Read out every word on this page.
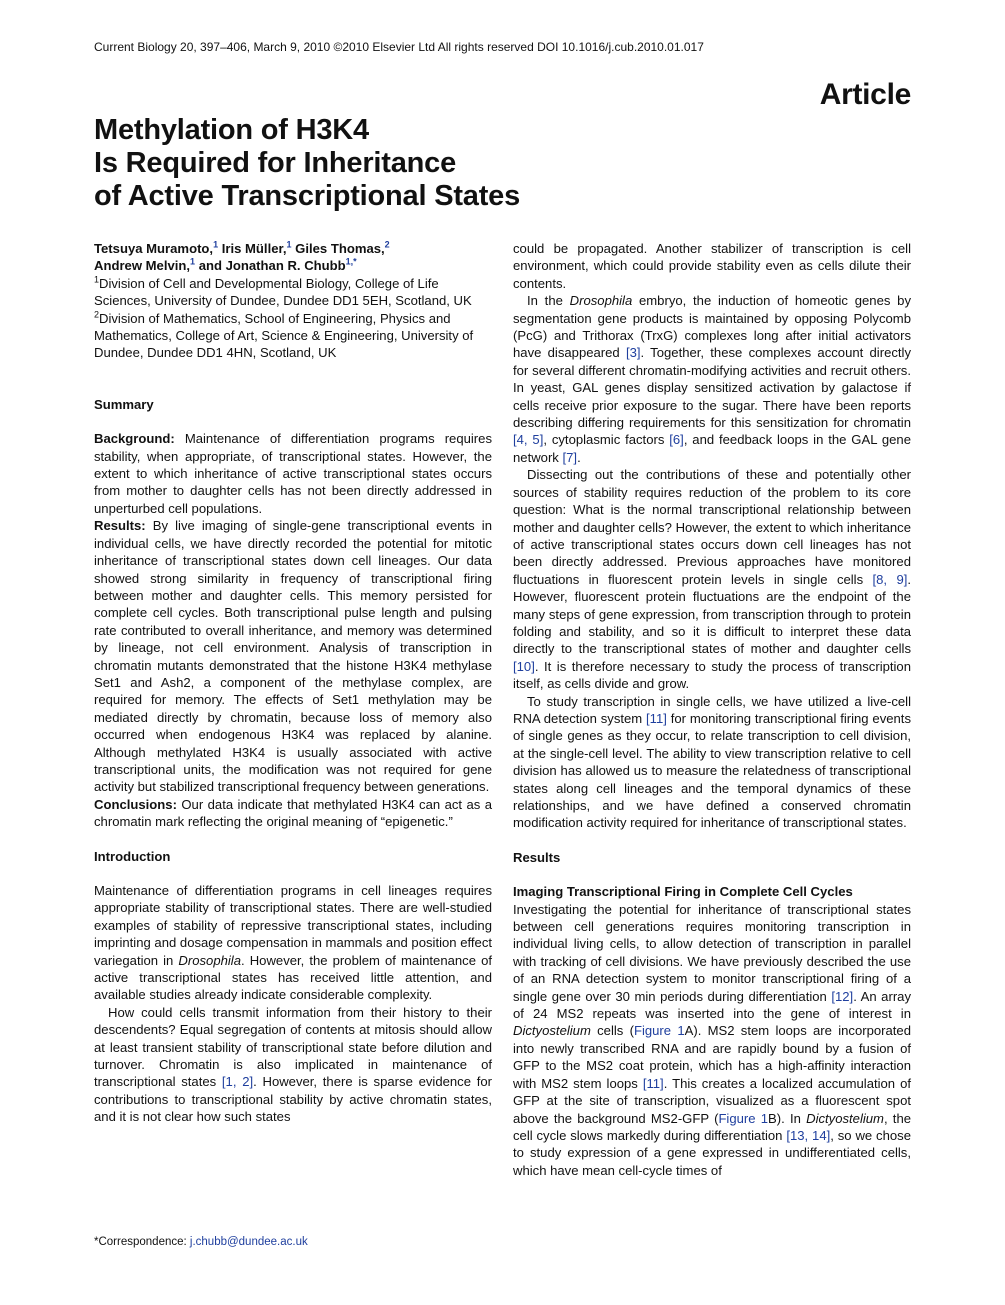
Current Biology 20, 397–406, March 9, 2010 ©2010 Elsevier Ltd All rights reserved DOI 10.1016/j.cub.2010.01.017
Article
Methylation of H3K4
Is Required for Inheritance
of Active Transcriptional States

Tetsuya Muramoto,$^1$ Iris Müller,$^1$ Giles Thomas,$^2$
Andrew Melvin,$^1$ and Jonathan R. Chubb$^{1,*}$

$^1$Division of Cell and Developmental Biology, College of Life Sciences, University of Dundee, Dundee DD1 5EH, Scotland, UK

$^2$Division of Mathematics, School of Engineering, Physics and Mathematics, College of Art, Science & Engineering, University of Dundee, Dundee DD1 4HN, Scotland, UK

Summary

Background: Maintenance of differentiation programs requires stability, when appropriate, of transcriptional states. However, the extent to which inheritance of active transcriptional states occurs from mother to daughter cells has not been directly addressed in unperturbed cell populations.

Results: By live imaging of single-gene transcriptional events in individual cells, we have directly recorded the potential for mitotic inheritance of transcriptional states down cell lineages. Our data showed strong similarity in frequency of transcriptional firing between mother and daughter cells. This memory persisted for complete cell cycles. Both transcriptional pulse length and pulsing rate contributed to overall inheritance, and memory was determined by lineage, not cell environment. Analysis of transcription in chromatin mutants demonstrated that the histone H3K4 methylase Set1 and Ash2, a component of the methylase complex, are required for memory. The effects of Set1 methylation may be mediated directly by chromatin, because loss of memory also occurred when endogenous H3K4 was replaced by alanine. Although methylated H3K4 is usually associated with active transcriptional units, the modification was not required for gene activity but stabilized transcriptional frequency between generations.

Conclusions: Our data indicate that methylated H3K4 can act as a chromatin mark reflecting the original meaning of “epigenetic.”

Introduction

Maintenance of differentiation programs in cell lineages requires appropriate stability of transcriptional states. There are well-studied examples of stability of repressive transcriptional states, including imprinting and dosage compensation in mammals and position effect variegation in Drosophila. However, the problem of maintenance of active transcriptional states has received little attention, and available studies already indicate considerable complexity.

How could cells transmit information from their history to their descendents? Equal segregation of contents at mitosis should allow at least transient stability of transcriptional state before dilution and turnover. Chromatin is also implicated in maintenance of transcriptional states [1, 2]. However, there is sparse evidence for contributions to transcriptional stability by active chromatin states, and it is not clear how such states

could be propagated. Another stabilizer of transcription is cell environment, which could provide stability even as cells dilute their contents.

In the Drosophila embryo, the induction of homeotic genes by segmentation gene products is maintained by opposing Polycomb (PcG) and Trithorax (TrxG) complexes long after initial activators have disappeared [3]. Together, these complexes account directly for several different chromatin-modifying activities and recruit others. In yeast, GAL genes display sensitized activation by galactose if cells receive prior exposure to the sugar. There have been reports describing differing requirements for this sensitization for chromatin [4, 5], cytoplasmic factors [6], and feedback loops in the GAL gene network [7].

Dissecting out the contributions of these and potentially other sources of stability requires reduction of the problem to its core question: What is the normal transcriptional relationship between mother and daughter cells? However, the extent to which inheritance of active transcriptional states occurs down cell lineages has not been directly addressed. Previous approaches have monitored fluctuations in fluorescent protein levels in single cells [8, 9]. However, fluorescent protein fluctuations are the endpoint of the many steps of gene expression, from transcription through to protein folding and stability, and so it is difficult to interpret these data directly to the transcriptional states of mother and daughter cells [10]. It is therefore necessary to study the process of transcription itself, as cells divide and grow.

To study transcription in single cells, we have utilized a live-cell RNA detection system [11] for monitoring transcriptional firing events of single genes as they occur, to relate transcription to cell division, at the single-cell level. The ability to view transcription relative to cell division has allowed us to measure the relatedness of transcriptional states along cell lineages and the temporal dynamics of these relationships, and we have defined a conserved chromatin modification activity required for inheritance of transcriptional states.

Results

Imaging Transcriptional Firing in Complete Cell Cycles

Investigating the potential for inheritance of transcriptional states between cell generations requires monitoring transcription in individual living cells, to allow detection of transcription in parallel with tracking of cell divisions. We have previously described the use of an RNA detection system to monitor transcriptional firing of a single gene over 30 min periods during differentiation [12]. An array of 24 MS2 repeats was inserted into the gene of interest in Dictyostelium cells (Figure 1A). MS2 stem loops are incorporated into newly transcribed RNA and are rapidly bound by a fusion of GFP to the MS2 coat protein, which has a high-affinity interaction with MS2 stem loops [11]. This creates a localized accumulation of GFP at the site of transcription, visualized as a fluorescent spot above the background MS2-GFP (Figure 1B). In Dictyostelium, the cell cycle slows markedly during differentiation [13, 14], so we chose to study expression of a gene expressed in undifferentiated cells, which have mean cell-cycle times of

*Correspondence: j.chubb@dundee.ac.uk
